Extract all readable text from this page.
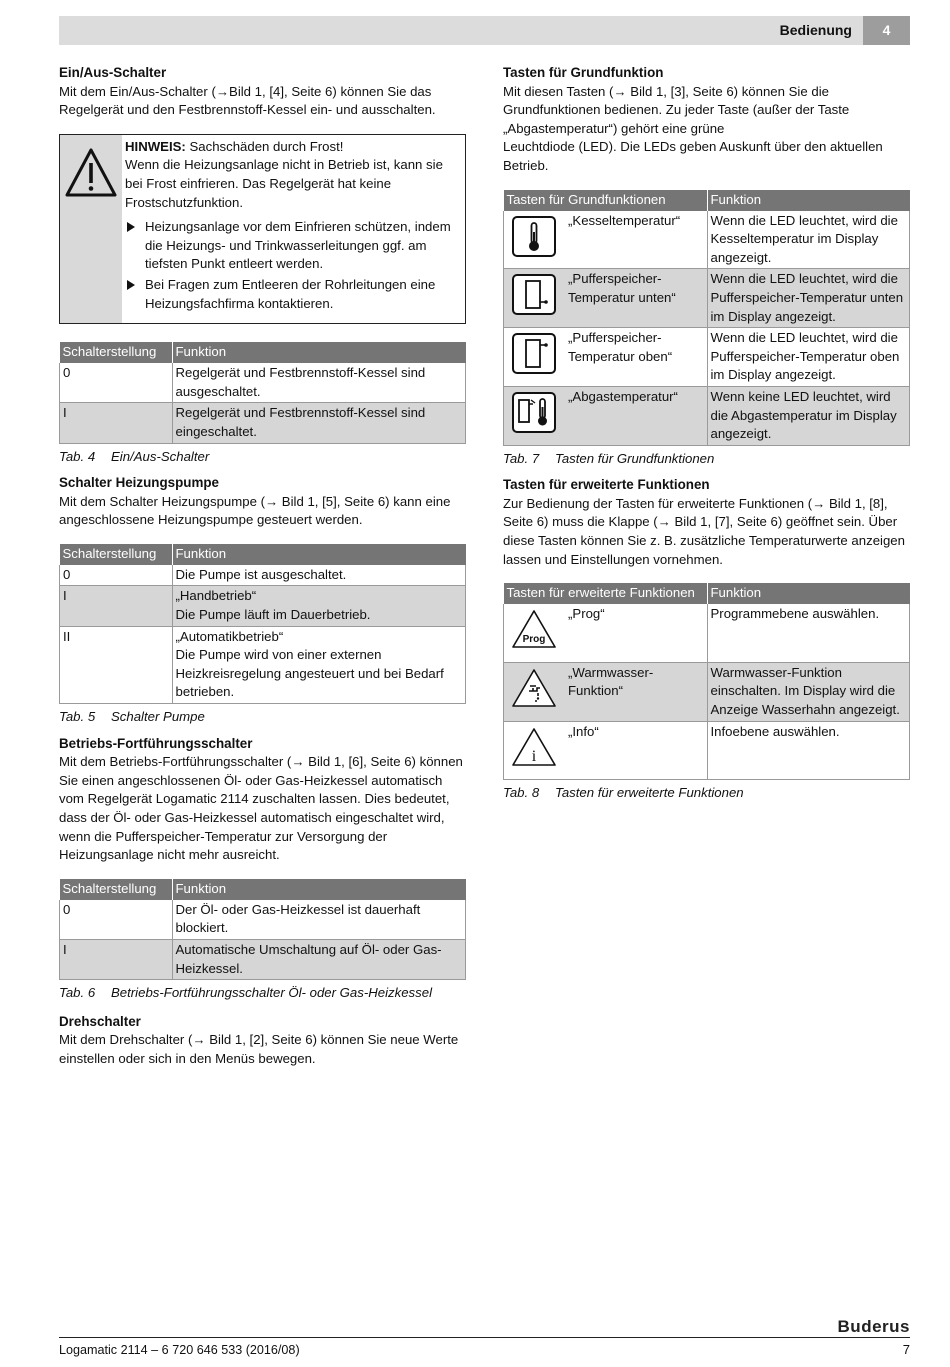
Bedienung	4
Ein/Aus-Schalter

Mit dem Ein/Aus-Schalter (→Bild 1, [4], Seite 6) können Sie das Regelgerät und den Festbrennstoff-Kessel ein- und ausschalten.

HINWEIS: Sachschäden durch Frost!

Wenn die Heizungsanlage nicht in Betrieb ist, kann sie bei Frost einfrieren. Das Regelgerät hat keine Frostschutzfunktion.

Heizungsanlage vor dem Einfrieren schützen, indem die Heizungs- und Trinkwasserleitungen ggf. am tiefsten Punkt entleert werden.
Bei Fragen zum Entleeren der Rohrleitungen eine Heizungsfachfirma kontaktieren.
Schalterstellung	Funktion
0	Regelgerät und Festbrennstoff-Kessel sind ausgeschaltet.
I	Regelgerät und Festbrennstoff-Kessel sind eingeschaltet.
Tab. 4 Ein/Aus-Schalter
Schalter Heizungspumpe

Mit dem Schalter Heizungspumpe (→ Bild 1, [5], Seite 6) kann eine angeschlossene Heizungspumpe gesteuert werden.

Schalterstellung	Funktion
0	Die Pumpe ist ausgeschaltet.
I	„Handbetrieb“
Die Pumpe läuft im Dauerbetrieb.

II	„Automatikbetrieb“
Die Pumpe wird von einer externen Heizkreisregelung angesteuert und bei Bedarf betrieben.
Tab. 5 Schalter Pumpe
Betriebs-Fortführungsschalter

Mit dem Betriebs-Fortführungsschalter (→ Bild 1, [6], Seite 6) können Sie einen angeschlossenen Öl- oder Gas-Heizkessel automatisch vom Regelgerät Logamatic 2114 zuschalten lassen. Dies bedeutet, dass der Öl- oder Gas-Heizkessel automatisch eingeschaltet wird, wenn die Pufferspeicher-Temperatur zur Versorgung der Heizungsanlage nicht mehr ausreicht.

Schalterstellung	Funktion
0	Der Öl- oder Gas-Heizkessel ist dauerhaft blockiert.
I	Automatische Umschaltung auf Öl- oder Gas-Heizkessel.
Tab. 6 Betriebs-Fortführungsschalter Öl- oder Gas-Heizkessel
Drehschalter

Mit dem Drehschalter (→ Bild 1, [2], Seite 6) können Sie neue Werte einstellen oder sich in den Menüs bewegen.

Tasten für Grundfunktion

Mit diesen Tasten (→ Bild 1, [3], Seite 6) können Sie die Grundfunktionen bedienen. Zu jeder Taste (außer der Taste „Abgastemperatur“) gehört eine grüne

Leuchtdiode (LED). Die LEDs geben Auskunft über den aktuellen Betrieb.

Tasten für Grundfunktionen	Funktion

„Kesseltemperatur“	Wenn die LED leuchtet, wird die Kesseltemperatur im Display angezeigt.

„Pufferspeicher-Temperatur unten“	Wenn die LED leuchtet, wird die Pufferspeicher-Temperatur unten im Display angezeigt.

„Pufferspeicher-Temperatur oben“	Wenn die LED leuchtet, wird die Pufferspeicher-Temperatur oben im Display angezeigt.

„Abgastemperatur“	Wenn keine LED leuchtet, wird die Abgastemperatur im Display angezeigt.
Tab. 7 Tasten für Grundfunktionen
Tasten für erweiterte Funktionen

Zur Bedienung der Tasten für erweiterte Funktionen (→ Bild 1, [8], Seite 6) muss die Klappe (→ Bild 1, [7], Seite 6) geöffnet sein. Über diese Tasten können Sie z. B. zusätzliche Temperaturwerte anzeigen lassen und Einstellungen vornehmen.

Tasten für erweiterte Funktionen	Funktion

Prog
„Prog“	Programmebene auswählen.

„Warmwasser-Funktion“	Warmwasser-Funktion einschalten. Im Display wird die Anzeige Wasserhahn angezeigt.

i
„Info“	Infoebene auswählen.
Tab. 8 Tasten für erweiterte Funktionen
Buderus
Logamatic 2114 – 6 720 646 533 (2016/08)	7
